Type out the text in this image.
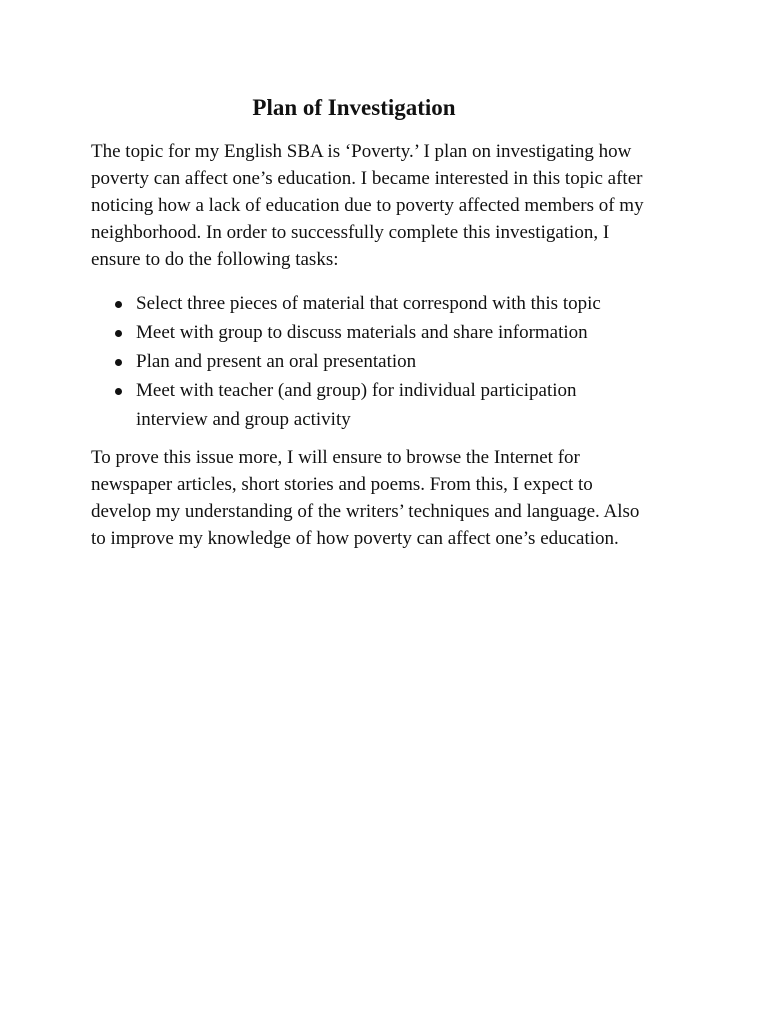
Plan of Investigation
The topic for my English SBA is ‘Poverty.’ I plan on investigating how
poverty can affect one’s education. I became interested in this topic after
noticing how a lack of education due to poverty affected members of my
neighborhood. In order to successfully complete this investigation, I
ensure to do the following tasks:
Select three pieces of material that correspond with this topic
Meet with group to discuss materials and share information
Plan and present an oral presentation
Meet with teacher (and group) for individual participation
interview and group activity
To prove this issue more, I will ensure to browse the Internet for
newspaper articles, short stories and poems. From this, I expect to
develop my understanding of the writers’ techniques and language. Also
to improve my knowledge of how poverty can affect one’s education.
